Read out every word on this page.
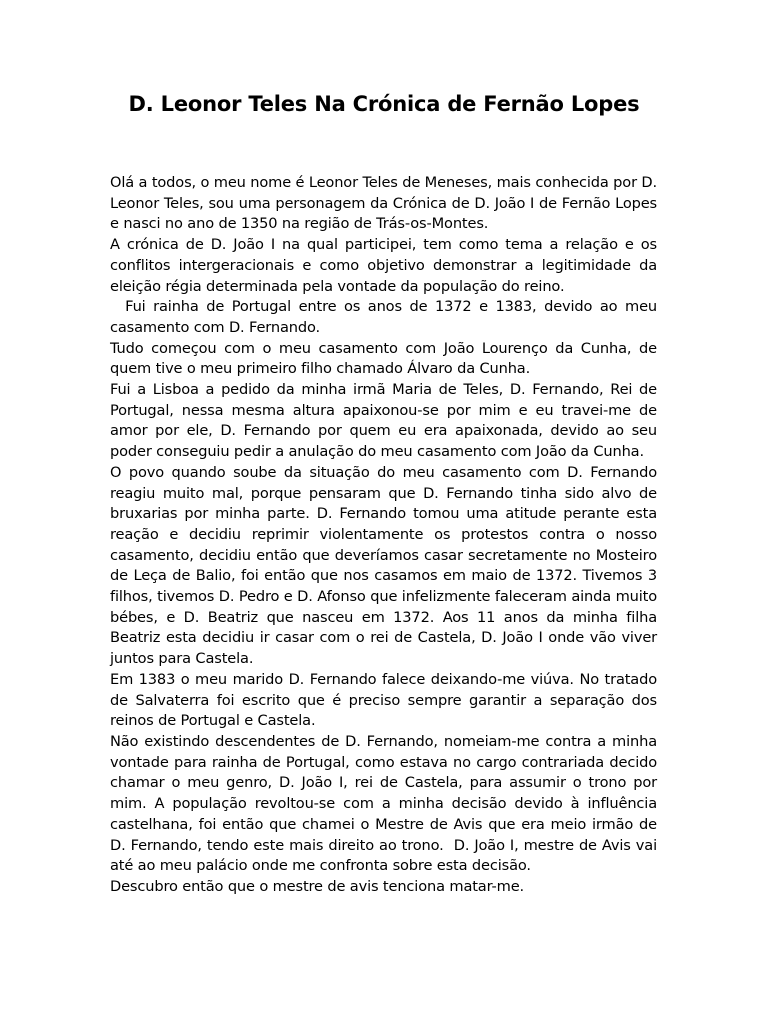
D. Leonor Teles Na Crónica de Fernão Lopes

Olá a todos, o meu nome é Leonor Teles de Meneses, mais conhecida por D. Leonor Teles, sou uma personagem da Crónica de D. João I de Fernão Lopes e nasci no ano de 1350 na região de Trás-os-Montes.

A crónica de D. João I na qual participei, tem como tema a relação e os conflitos intergeracionais e como objetivo demonstrar a legitimidade da eleição régia determinada pela vontade da população do reino.

Fui rainha de Portugal entre os anos de 1372 e 1383, devido ao meu casamento com D. Fernando.

Tudo começou com o meu casamento com João Lourenço da Cunha, de quem tive o meu primeiro filho chamado Álvaro da Cunha.

Fui a Lisboa a pedido da minha irmã Maria de Teles, D. Fernando, Rei de Portugal, nessa mesma altura apaixonou-se por mim e eu travei-me de amor por ele, D. Fernando por quem eu era apaixonada, devido ao seu poder conseguiu pedir a anulação do meu casamento com João da Cunha.

O povo quando soube da situação do meu casamento com D. Fernando reagiu muito mal, porque pensaram que D. Fernando tinha sido alvo de bruxarias por minha parte. D. Fernando tomou uma atitude perante esta reação e decidiu reprimir violentamente os protestos contra o nosso casamento, decidiu então que deveríamos casar secretamente no Mosteiro de Leça de Balio, foi então que nos casamos em maio de 1372. Tivemos 3 filhos, tivemos D. Pedro e D. Afonso que infelizmente faleceram ainda muito bébes, e D. Beatriz que nasceu em 1372. Aos 11 anos da minha filha Beatriz esta decidiu ir casar com o rei de Castela, D. João I onde vão viver juntos para Castela.

Em 1383 o meu marido D. Fernando falece deixando-me viúva. No tratado de Salvaterra foi escrito que é preciso sempre garantir a separação dos reinos de Portugal e Castela.

Não existindo descendentes de D. Fernando, nomeiam-me contra a minha vontade para rainha de Portugal, como estava no cargo contrariada decido chamar o meu genro, D. João I, rei de Castela, para assumir o trono por mim. A população revoltou-se com a minha decisão devido à influência castelhana, foi então que chamei o Mestre de Avis que era meio irmão de D. Fernando, tendo este mais direito ao trono.  D. João I, mestre de Avis vai até ao meu palácio onde me confronta sobre esta decisão.

Descubro então que o mestre de avis tenciona matar-me.
